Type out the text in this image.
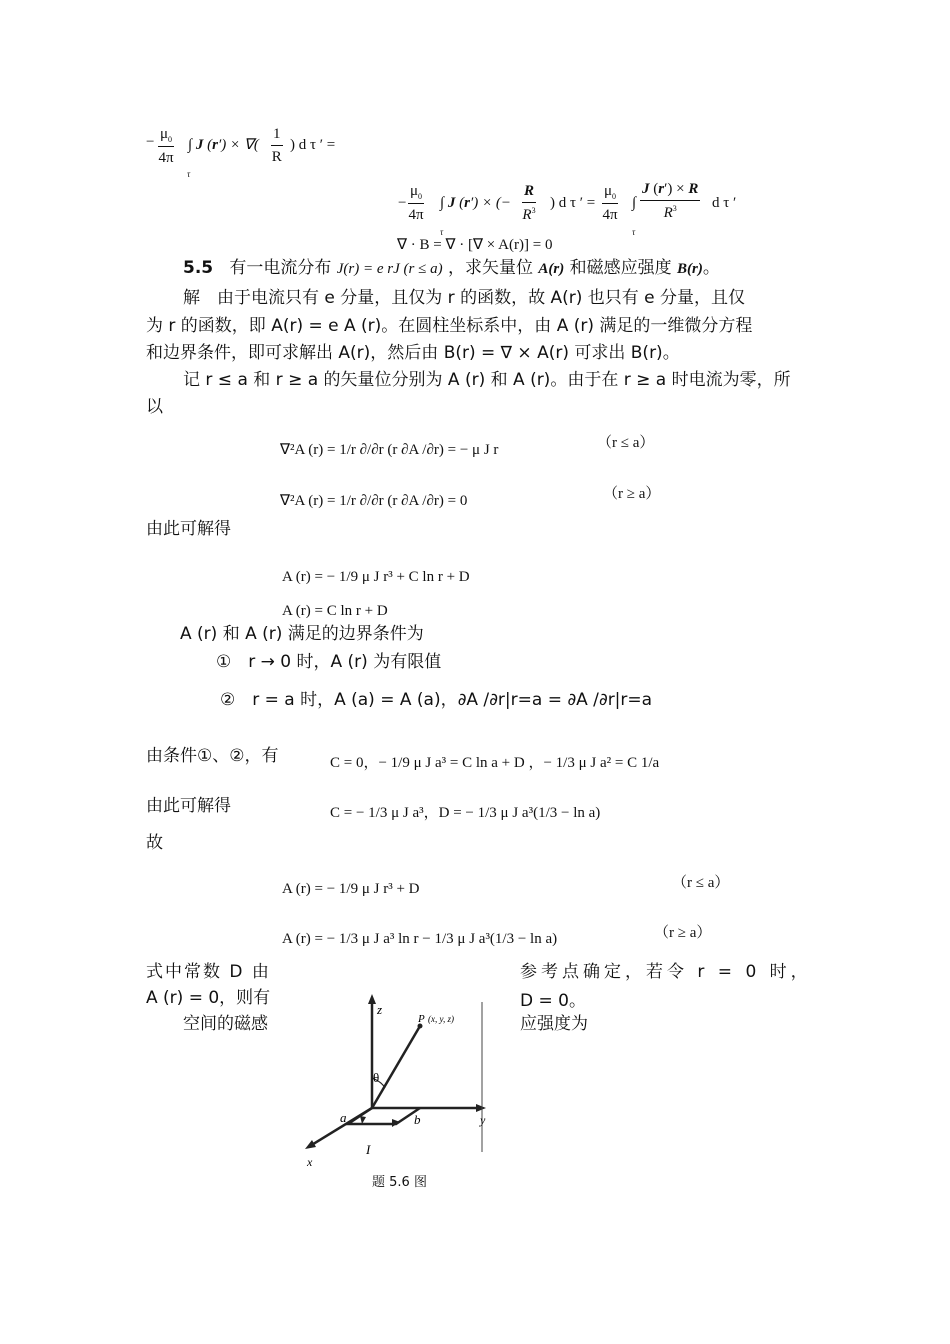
− $\frac{\mu_0}{4\pi}$ ∫ J (r′) × ∇( $\frac{1}{R}$ ) d τ ′ =
τ
− $\frac{\mu_0}{4\pi}$ ∫ J (r′) × (− $\frac{R}{R^3}$ ) d τ ′ = $\frac{\mu_0}{4\pi}$ ∫ $\frac{J (r') \times R}{R^3}$ d τ ′
τ	τ
∇ · B = ∇ · [∇ × A(r)] = 0
5.5 有一电流分布 J(r) = e rJ (r ≤ a) ，求矢量位 A(r) 和磁感应强度 B(r)。
解　由于电流只有 e 分量，且仅为 r 的函数，故 A(r) 也只有 e 分量，且仅
为 r 的函数，即 A(r) = e A (r)。在圆柱坐标系中，由 A (r) 满足的一维微分方程
和边界条件，即可求解出 A(r)，然后由 B(r) = ∇ × A(r) 可求出 B(r)。
记 r ≤ a 和 r ≥ a 的矢量位分别为 A (r) 和 A (r)。由于在 r ≥ a 时电流为零，所
以
∇²A (r) = 1/r ∂/∂r (r ∂A /∂r) = − μ J r	（r ≤ a）
∇²A (r) = 1/r ∂/∂r (r ∂A /∂r) = 0	（r ≥ a）
由此可解得
A (r) = − 1/9 μ J r³ + C ln r + D
A (r) = C ln r + D
A (r) 和 A (r) 满足的边界条件为
①　r → 0 时，A (r) 为有限值
②　r = a 时，A (a) = A (a)，∂A /∂r|r=a = ∂A /∂r|r=a
由条件①、②，有	C = 0，− 1/9 μ J a³ = C ln a + D ，− 1/3 μ J a² = C 1/a
由此可解得	C = − 1/3 μ J a³，D = − 1/3 μ J a³(1/3 − ln a)
故
A (r) = − 1/9 μ J r³ + D	（r ≤ a）
A (r) = − 1/3 μ J a³ ln r − 1/3 μ J a³(1/3 − ln a)	（r ≥ a）
式中常数 D 由	参考点确定，若令 r = 0 时，
A (r) = 0，则有	D = 0。
空间的磁感	应强度为
z
P (x, y, z)
θ
a	b	y
x
I
题 5.6 图
